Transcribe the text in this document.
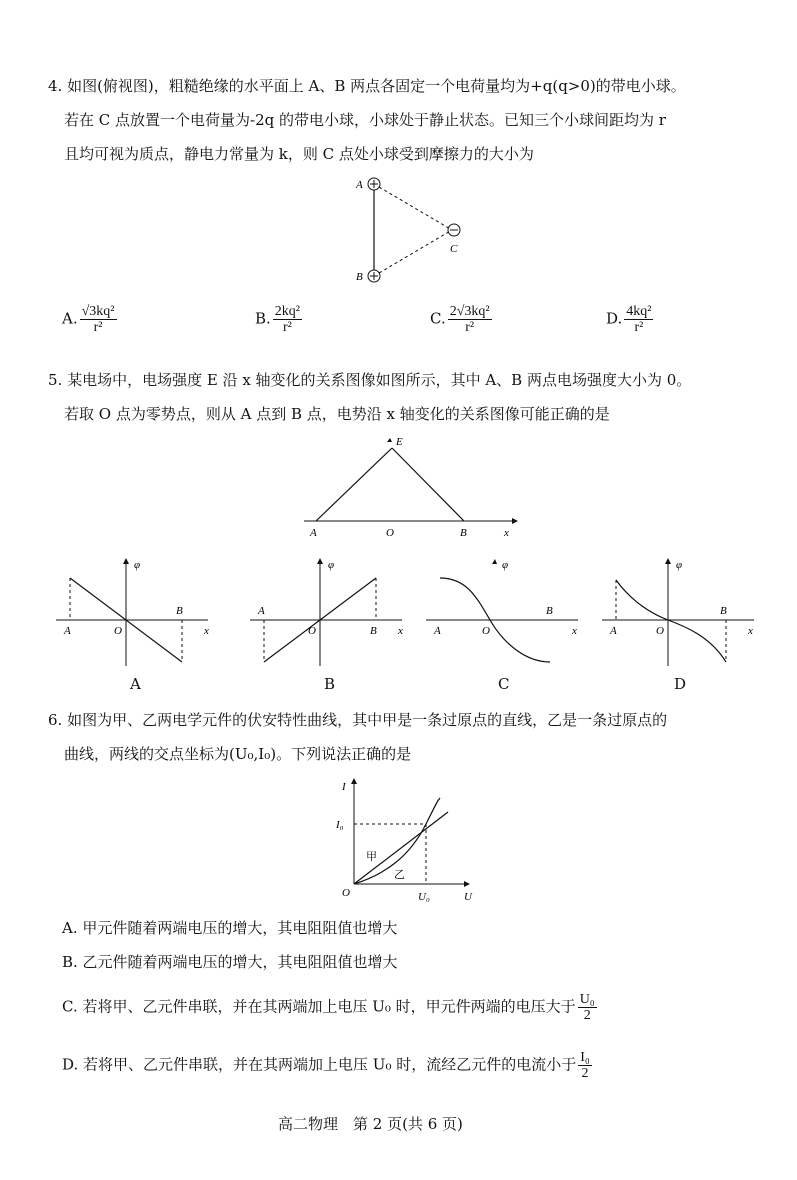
4. 如图(俯视图)，粗糙绝缘的水平面上 A、B 两点各固定一个电荷量均为+q(q>0)的带电小球。
若在 C 点放置一个电荷量为-2q 的带电小球，小球处于静止状态。已知三个小球间距均为 r
且均可视为质点，静电力常量为 k，则 C 点处小球受到摩擦力的大小为
A
B
C
A. $\frac{\text{√3kq²}}{\text{r²}}$	B. $\frac{\text{2kq²}}{\text{r²}}$	C. $\frac{\text{2√3kq²}}{\text{r²}}$	D. $\frac{\text{4kq²}}{\text{r²}}$
5. 某电场中，电场强度 E 沿 x 轴变化的关系图像如图所示，其中 A、B 两点电场强度大小为 0。
若取 O 点为零势点，则从 A 点到 B 点，电势沿 x 轴变化的关系图像可能正确的是
E
A	O	B	x
φ
A	O
B
x
A
φ
A
O	B x
B
φ
A	O
B
x
C
φ
A	O
B
x
D
6. 如图为甲、乙两电学元件的伏安特性曲线，其中甲是一条过原点的直线，乙是一条过原点的
曲线，两线的交点坐标为(U₀,I₀)。下列说法正确的是
I
I₀
甲
乙
O	U₀	U
A. 甲元件随着两端电压的增大，其电阻阻值也增大
B. 乙元件随着两端电压的增大，其电阻阻值也增大
C. 若将甲、乙元件串联，并在其两端加上电压 U₀ 时，甲元件两端的电压大于 $\frac{\text{U₀}}{2}$
D. 若将甲、乙元件串联，并在其两端加上电压 U₀ 时，流经乙元件的电流小于 $\frac{\text{I₀}}{2}$
高二物理　第 2 页(共 6 页)
